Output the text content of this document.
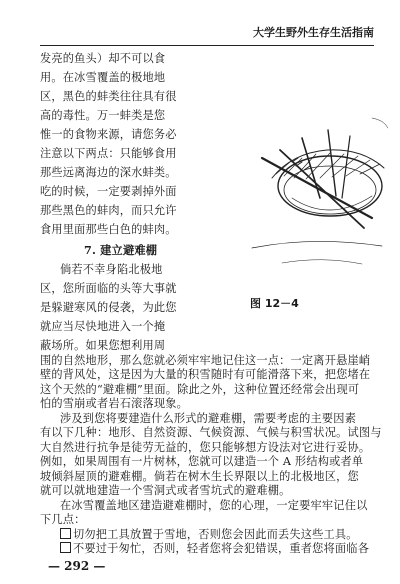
大学生野外生存生活指南
发亮的鱼头）却不可以食
用。在冰雪覆盖的极地地
区，黑色的蚌类往往具有很
高的毒性。万一蚌类是您
惟一的食物来源，请您务必
注意以下两点：只能够食用
那些远离海边的深水蚌类。
吃的时候，一定要剥掉外面
那些黑色的蚌肉，而只允许
食用里面那些白色的蚌肉。
7. 建立避难棚
倘若不幸身陷北极地
区，您所面临的头等大事就
是躲避寒风的侵袭，为此您
就应当尽快地进入一个掩
蔽场所。如果您想利用周
图 12－4
围的自然地形，那么您就必须牢牢地记住这一点：一定离开悬崖峭
壁的背风处，这是因为大量的积雪随时有可能滑落下来，把您堵在
这个天然的“避难棚”里面。除此之外，这种位置还经常会出现可
怕的雪崩或者岩石滚落现象。
涉及到您将要建造什么形式的避难棚，需要考虑的主要因素
有以下几种：地形、自然资源、气候资源、气候与积雪状况。试图与
大自然进行抗争是徒劳无益的，您只能够想方设法对它进行妥协。
例如，如果周围有一片树林，您就可以建造一个 A 形结构或者单
坡倾斜屋顶的避难棚。倘若在树木生长界限以上的北极地区，您
就可以就地建造一个雪洞式或者雪坑式的避难棚。
— 292 —
在冰雪覆盖地区建造避难棚时，您的心理，一定要牢牢记住以
下几点：
切勿把工具放置于雪地，否则您会因此而丢失这些工具。
不要过于匆忙，否则，轻者您将会犯错误，重者您将面临各
